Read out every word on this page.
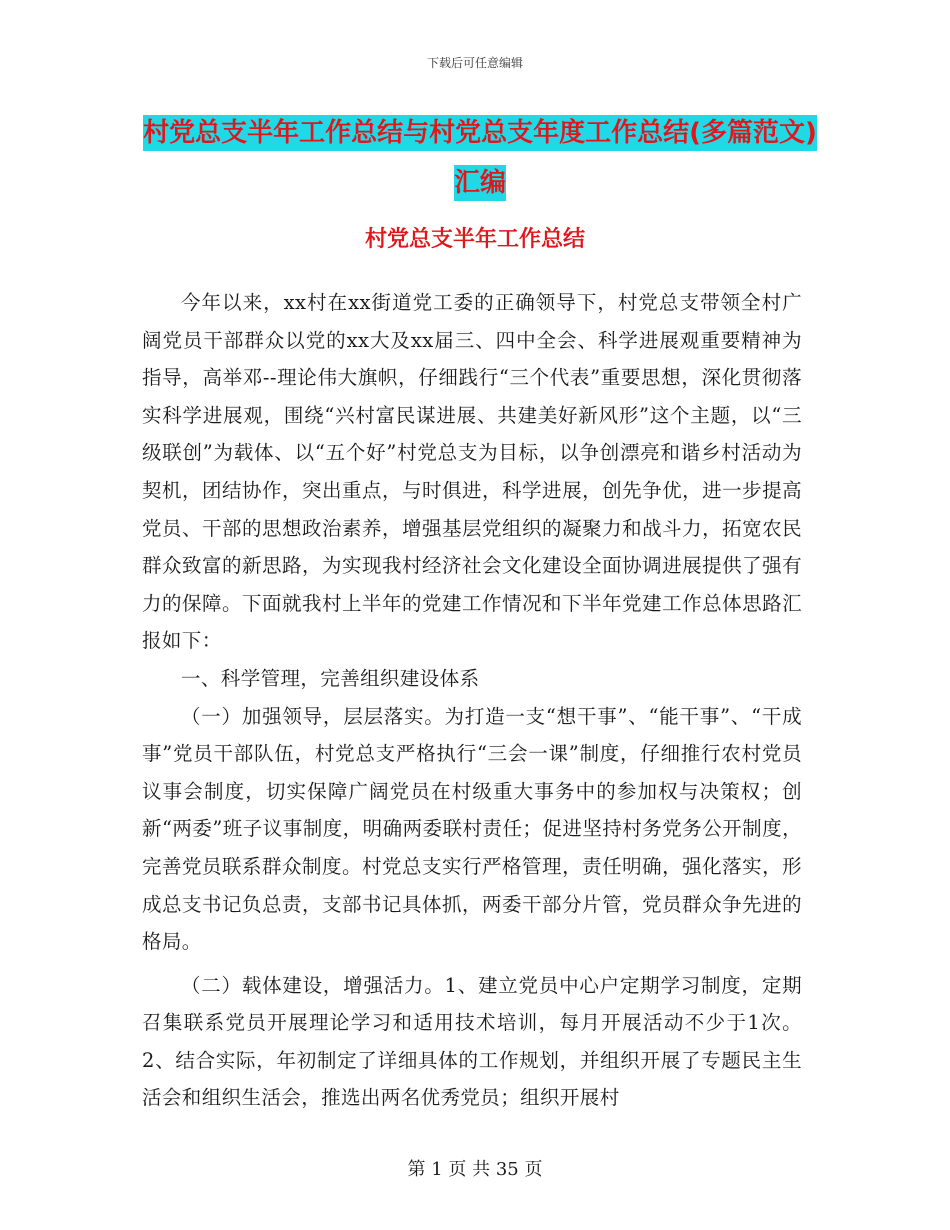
下载后可任意编辑
村党总支半年工作总结与村党总支年度工作总结(多篇范文)汇编
村党总支半年工作总结

今年以来，xx村在xx街道党工委的正确领导下，村党总支带领全村广阔党员干部群众以党的xx大及xx届三、四中全会、科学进展观重要精神为指导，高举邓--理论伟大旗帜，仔细践行“三个代表”重要思想，深化贯彻落实科学进展观，围绕“兴村富民谋进展、共建美好新风形”这个主题，以“三级联创”为载体、以“五个好”村党总支为目标，以争创漂亮和谐乡村活动为契机，团结协作，突出重点，与时俱进，科学进展，创先争优，进一步提高党员、干部的思想政治素养，增强基层党组织的凝聚力和战斗力，拓宽农民群众致富的新思路，为实现我村经济社会文化建设全面协调进展提供了强有力的保障。下面就我村上半年的党建工作情况和下半年党建工作总体思路汇报如下：

一、科学管理，完善组织建设体系

（一）加强领导，层层落实。为打造一支“想干事”、“能干事”、“干成事”党员干部队伍，村党总支严格执行“三会一课”制度，仔细推行农村党员议事会制度，切实保障广阔党员在村级重大事务中的参加权与决策权；创新“两委”班子议事制度，明确两委联村责任；促进坚持村务党务公开制度，完善党员联系群众制度。村党总支实行严格管理，责任明确，强化落实，形成总支书记负总责，支部书记具体抓，两委干部分片管，党员群众争先进的格局。

（二）载体建设，增强活力。1、建立党员中心户定期学习制度，定期召集联系党员开展理论学习和适用技术培训，每月开展活动不少于1次。2、结合实际，年初制定了详细具体的工作规划，并组织开展了专题民主生活会和组织生活会，推选出两名优秀党员；组织开展村

第 1 页 共 35 页
